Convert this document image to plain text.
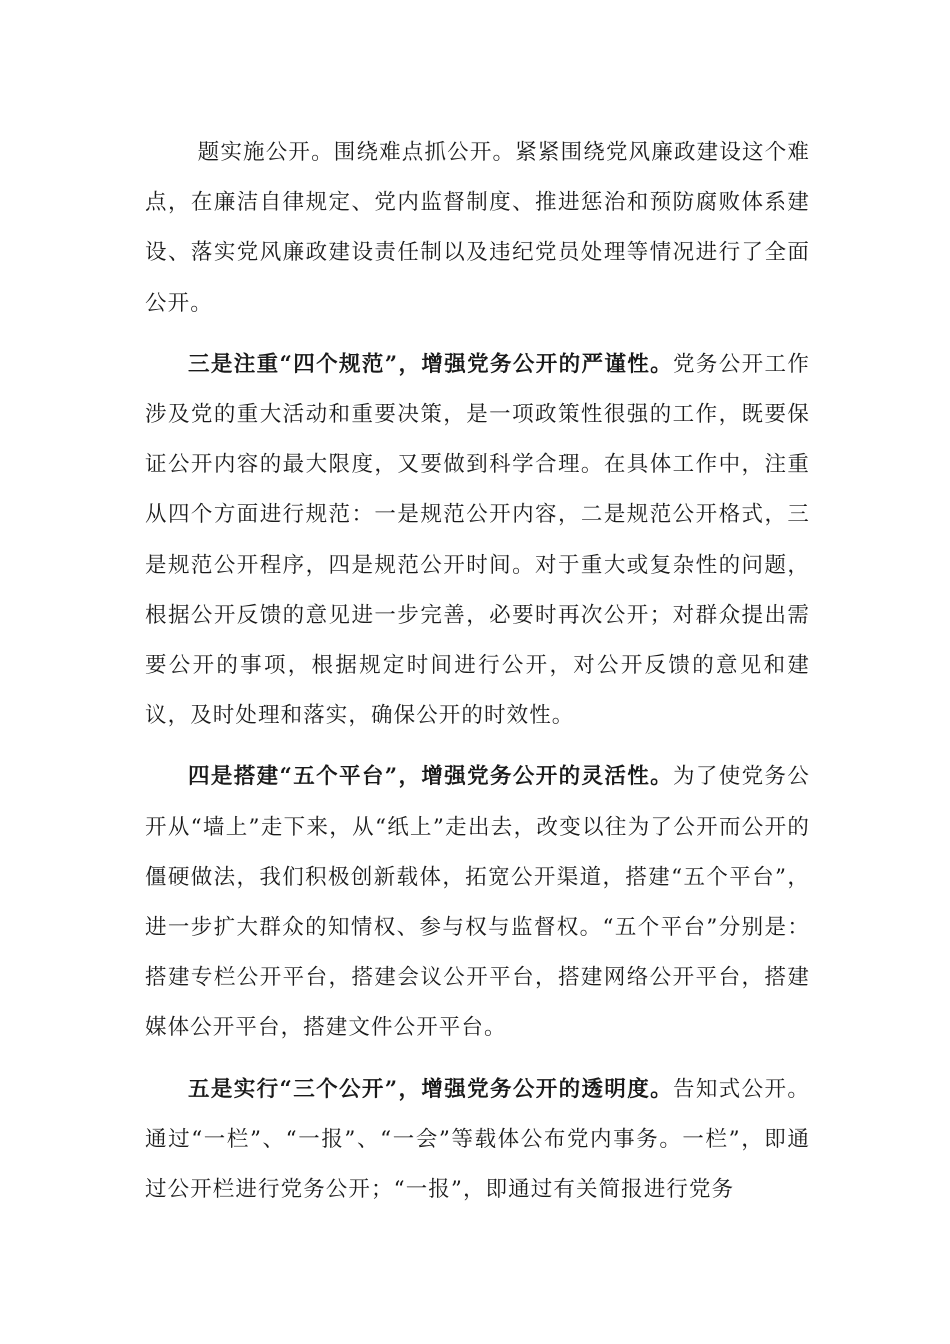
题实施公开。围绕难点抓公开。紧紧围绕党风廉政建设这个难点，在廉洁自律规定、党内监督制度、推进惩治和预防腐败体系建设、落实党风廉政建设责任制以及违纪党员处理等情况进行了全面公开。

三是注重“四个规范”，增强党务公开的严谨性。党务公开工作涉及党的重大活动和重要决策，是一项政策性很强的工作，既要保证公开内容的最大限度，又要做到科学合理。在具体工作中，注重从四个方面进行规范：一是规范公开内容，二是规范公开格式，三是规范公开程序，四是规范公开时间。对于重大或复杂性的问题，根据公开反馈的意见进一步完善，必要时再次公开；对群众提出需要公开的事项，根据规定时间进行公开，对公开反馈的意见和建议，及时处理和落实，确保公开的时效性。

四是搭建“五个平台”，增强党务公开的灵活性。为了使党务公开从“墙上”走下来，从“纸上”走出去，改变以往为了公开而公开的僵硬做法，我们积极创新载体，拓宽公开渠道，搭建“五个平台”，进一步扩大群众的知情权、参与权与监督权。“五个平台”分别是：搭建专栏公开平台，搭建会议公开平台，搭建网络公开平台，搭建媒体公开平台，搭建文件公开平台。

五是实行“三个公开”，增强党务公开的透明度。告知式公开。通过“一栏”、“一报”、“一会”等载体公布党内事务。一栏”，即通过公开栏进行党务公开；“一报”，即通过有关简报进行党务
